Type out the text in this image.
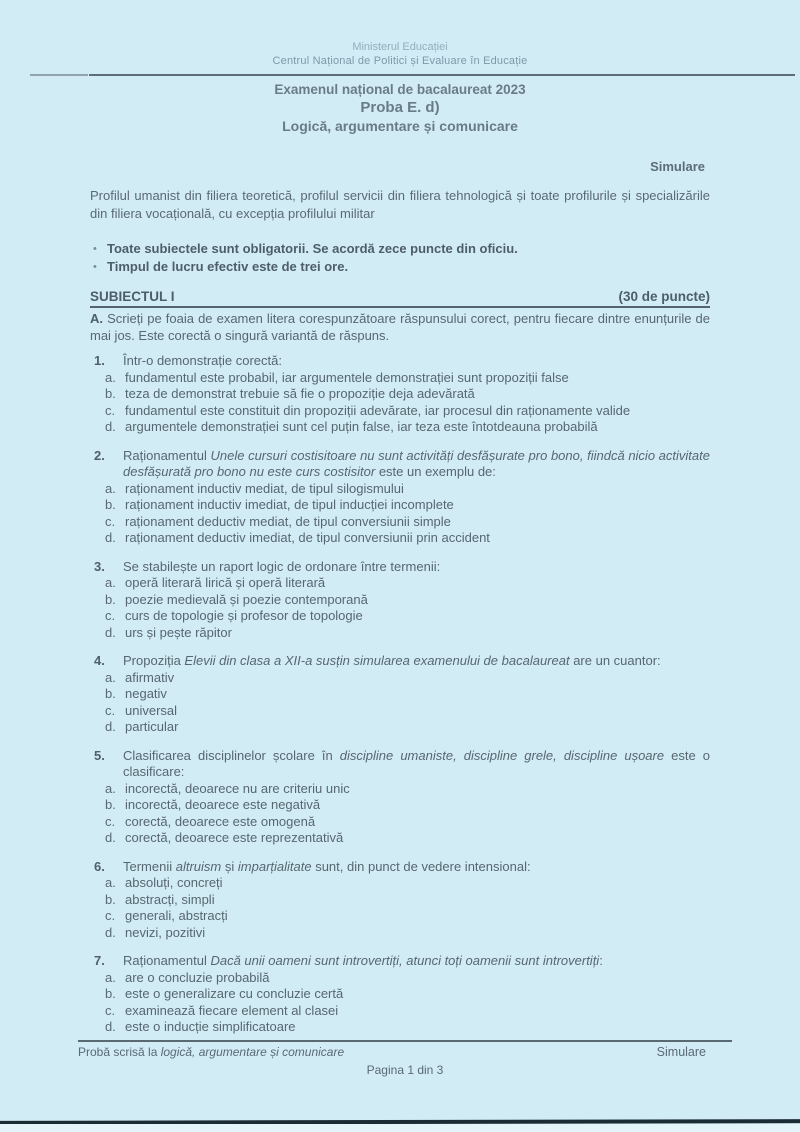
Ministerul Educației
Centrul Național de Politici și Evaluare în Educație
Examenul național de bacalaureat 2023
Proba E. d)
Logică, argumentare și comunicare
Simulare
Profilul umanist din filiera teoretică, profilul servicii din filiera tehnologică și toate profilurile și specializările din filiera vocațională, cu excepția profilului militar
• Toate subiectele sunt obligatorii. Se acordă zece puncte din oficiu.
• Timpul de lucru efectiv este de trei ore.
SUBIECTUL I	(30 de puncte)
A. Scrieți pe foaia de examen litera corespunzătoare răspunsului corect, pentru fiecare dintre enunțurile de mai jos. Este corectă o singură variantă de răspuns.
1.	Într-o demonstrație corectă:
a. fundamentul este probabil, iar argumentele demonstrației sunt propoziții false
b. teza de demonstrat trebuie să fie o propoziție deja adevărată
c. fundamentul este constituit din propoziții adevărate, iar procesul din raționamente valide
d. argumentele demonstrației sunt cel puțin false, iar teza este întotdeauna probabilă
2.	Raționamentul Unele cursuri costisitoare nu sunt activități desfășurate pro bono, fiindcă nicio activitate desfășurată pro bono nu este curs costisitor este un exemplu de:
a. raționament inductiv mediat, de tipul silogismului
b. raționament inductiv imediat, de tipul inducției incomplete
c. raționament deductiv mediat, de tipul conversiunii simple
d. raționament deductiv imediat, de tipul conversiunii prin accident
3.	Se stabilește un raport logic de ordonare între termenii:
a. operă literară lirică și operă literară
b. poezie medievală și poezie contemporană
c. curs de topologie și profesor de topologie
d. urs și pește răpitor
4.	Propoziția Elevii din clasa a XII-a susțin simularea examenului de bacalaureat are un cuantor:
a. afirmativ
b. negativ
c. universal
d. particular
5.	Clasificarea disciplinelor școlare în discipline umaniste, discipline grele, discipline ușoare este o clasificare:
a. incorectă, deoarece nu are criteriu unic
b. incorectă, deoarece este negativă
c. corectă, deoarece este omogenă
d. corectă, deoarece este reprezentativă
6.	Termenii altruism și imparțialitate sunt, din punct de vedere intensional:
a. absoluți, concreți
b. abstracți, simpli
c. generali, abstracți
d. nevizi, pozitivi
7.	Raționamentul Dacă unii oameni sunt introvertiți, atunci toți oamenii sunt introvertiți:
a. are o concluzie probabilă
b. este o generalizare cu concluzie certă
c. examinează fiecare element al clasei
d. este o inducție simplificatoare
Probă scrisă la logică, argumentare și comunicare	Simulare
Pagina 1 din 3
